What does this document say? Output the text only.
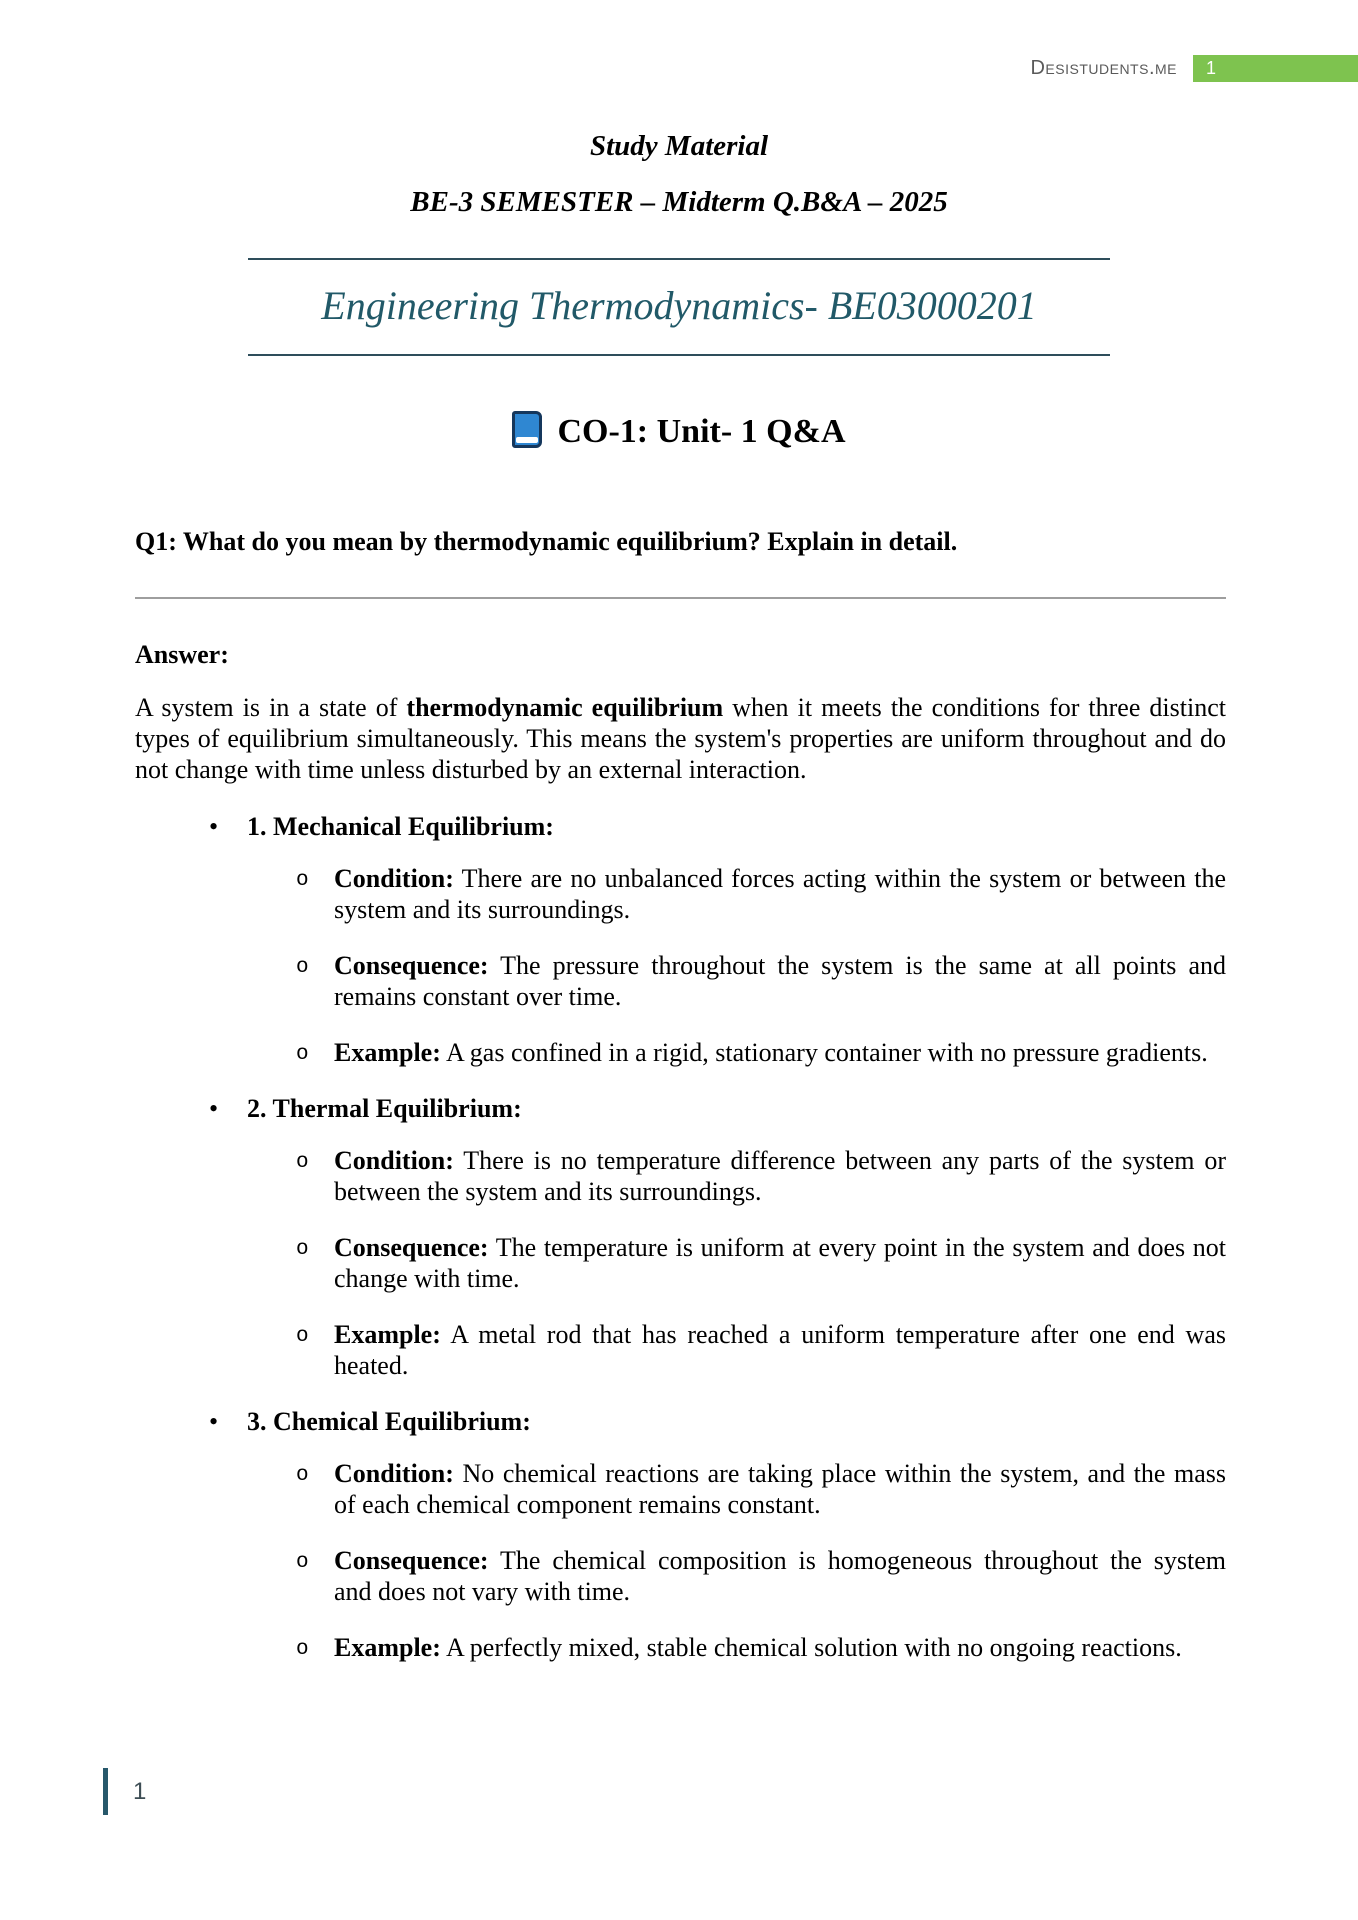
Desistudents.me	1
Study Material
BE-3 SEMESTER – Midterm Q.B&A – 2025
Engineering Thermodynamics- BE03000201
CO-1: Unit- 1 Q&A
Q1: What do you mean by thermodynamic equilibrium? Explain in detail.
Answer:
A system is in a state of thermodynamic equilibrium when it meets the conditions for three distinct types of equilibrium simultaneously. This means the system's properties are uniform throughout and do not change with time unless disturbed by an external interaction.
• 1. Mechanical Equilibrium:
o Condition: There are no unbalanced forces acting within the system or between the system and its surroundings.
o Consequence: The pressure throughout the system is the same at all points and remains constant over time.
o Example: A gas confined in a rigid, stationary container with no pressure gradients.
• 2. Thermal Equilibrium:
o Condition: There is no temperature difference between any parts of the system or between the system and its surroundings.
o Consequence: The temperature is uniform at every point in the system and does not change with time.
o Example: A metal rod that has reached a uniform temperature after one end was heated.
• 3. Chemical Equilibrium:
o Condition: No chemical reactions are taking place within the system, and the mass of each chemical component remains constant.
o Consequence: The chemical composition is homogeneous throughout the system and does not vary with time.
o Example: A perfectly mixed, stable chemical solution with no ongoing reactions.
1
